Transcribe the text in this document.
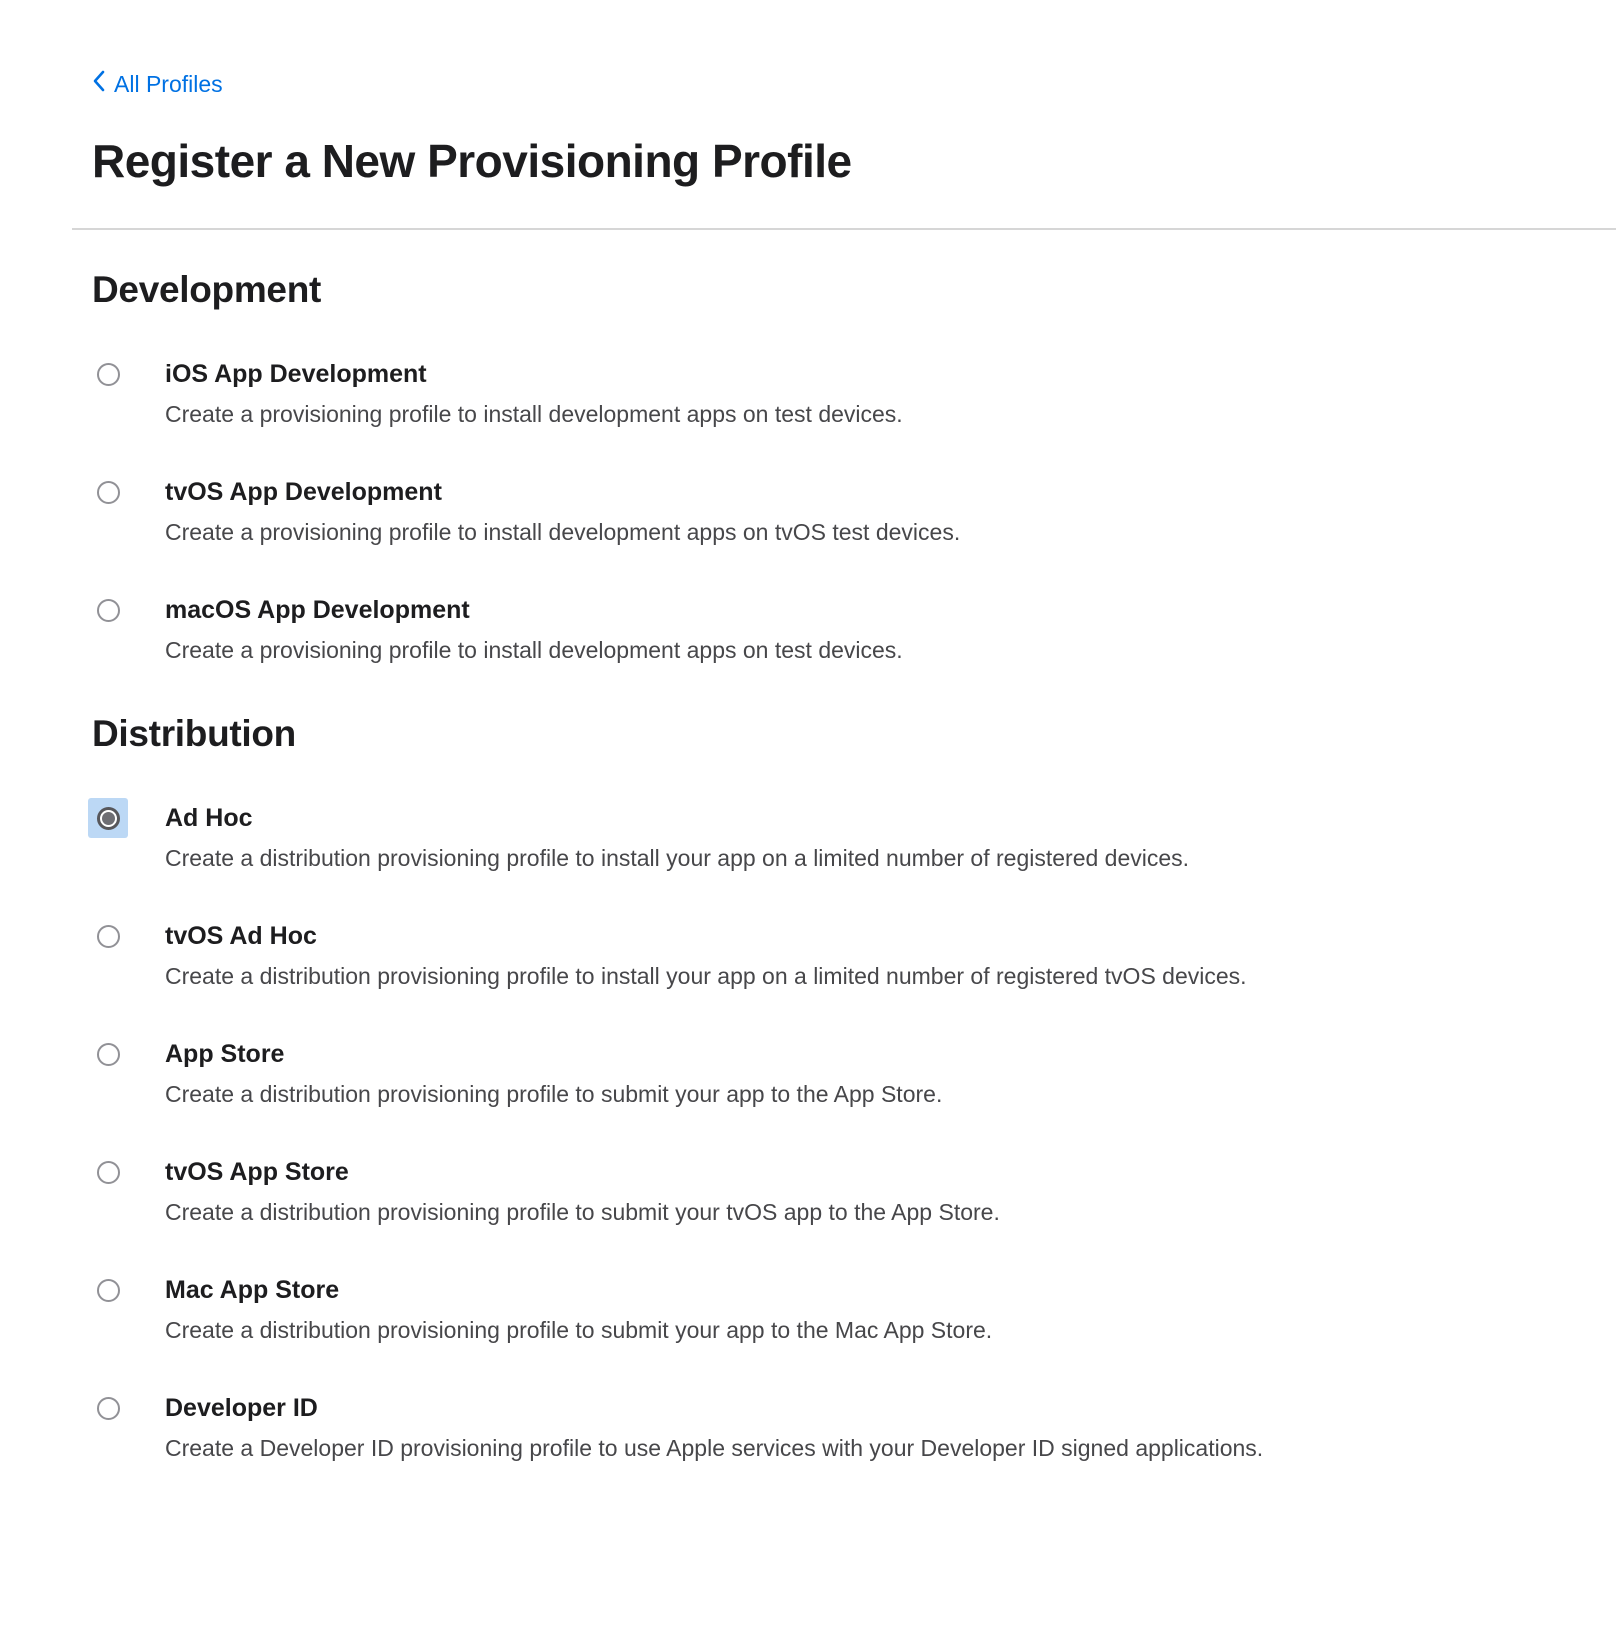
All Profiles
Register a New Provisioning Profile
Development
iOS App Development
Create a provisioning profile to install development apps on test devices.
tvOS App Development
Create a provisioning profile to install development apps on tvOS test devices.
macOS App Development
Create a provisioning profile to install development apps on test devices.
Distribution
Ad Hoc
Create a distribution provisioning profile to install your app on a limited number of registered devices.
tvOS Ad Hoc
Create a distribution provisioning profile to install your app on a limited number of registered tvOS devices.
App Store
Create a distribution provisioning profile to submit your app to the App Store.
tvOS App Store
Create a distribution provisioning profile to submit your tvOS app to the App Store.
Mac App Store
Create a distribution provisioning profile to submit your app to the Mac App Store.
Developer ID
Create a Developer ID provisioning profile to use Apple services with your Developer ID signed applications.
